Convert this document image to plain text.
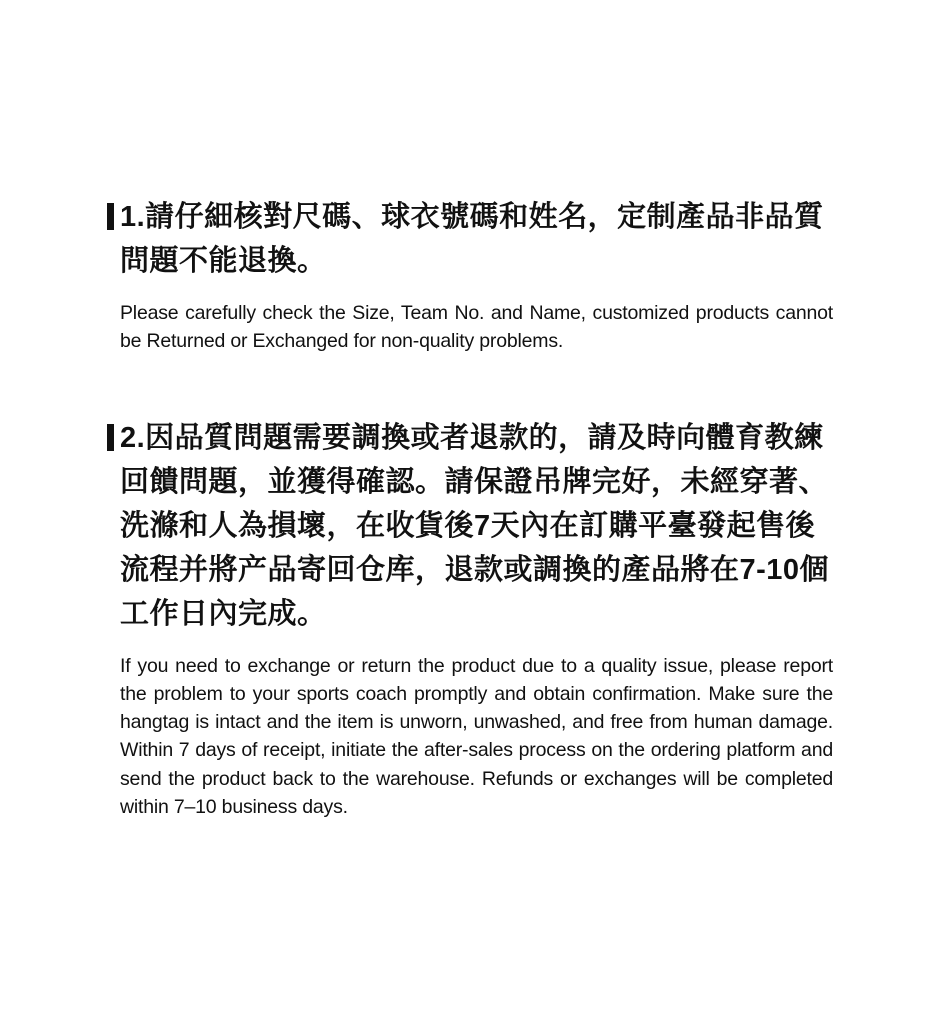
1.請仔細核對尺碼、球衣號碼和姓名，定制產品非品質問題不能退換。

Please carefully check the Size, Team No. and Name, customized products cannot be Returned or Exchanged for non-quality problems.

2.因品質問題需要調換或者退款的，請及時向體育教練回饋問題，並獲得確認。請保證吊牌完好，未經穿著、洗滌和人為損壞，在收貨後7天內在訂購平臺發起售後流程并將产品寄回仓库，退款或調換的產品將在7-10個工作日內完成。

If you need to exchange or return the product due to a quality issue, please report the problem to your sports coach promptly and obtain confirmation. Make sure the hangtag is intact and the item is unworn, unwashed, and free from human damage. Within 7 days of receipt, initiate the after-sales process on the ordering platform and send the product back to the warehouse. Refunds or exchanges will be completed within 7–10 business days.
